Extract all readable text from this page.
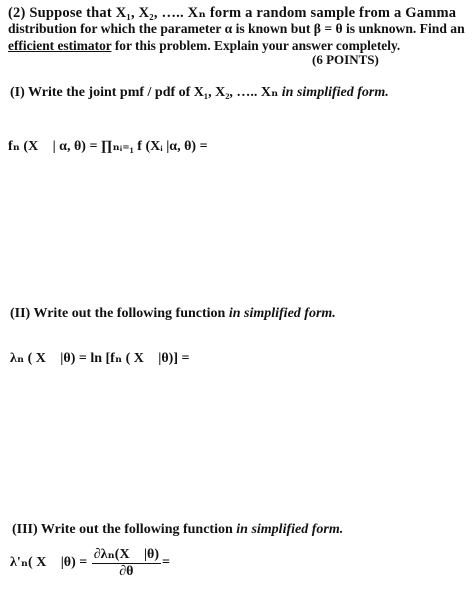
(2) Suppose that X₁, X₂, ….. Xₙ form a random sample from a Gamma
distribution for which the parameter α is known but β = θ is unknown. Find an
efficient estimator for this problem. Explain your answer completely.
(6 POINTS)
(I) Write the joint pmf / pdf of X₁, X₂, ….. Xₙ in simplified form.
fₙ (X⃗ | α, θ) = ∏ₙᵢ₌₁ f (Xᵢ |α, θ) =
(II) Write out the following function in simplified form.
λₙ ( X⃗ |θ) = ln [fₙ ( X⃗ |θ)] =
(III) Write out the following function in simplified form.
λ'ₙ( X⃗ $|\theta) = \frac{\text{∂λₙ(X⃗ |θ)}}{\partial\theta}$ =
